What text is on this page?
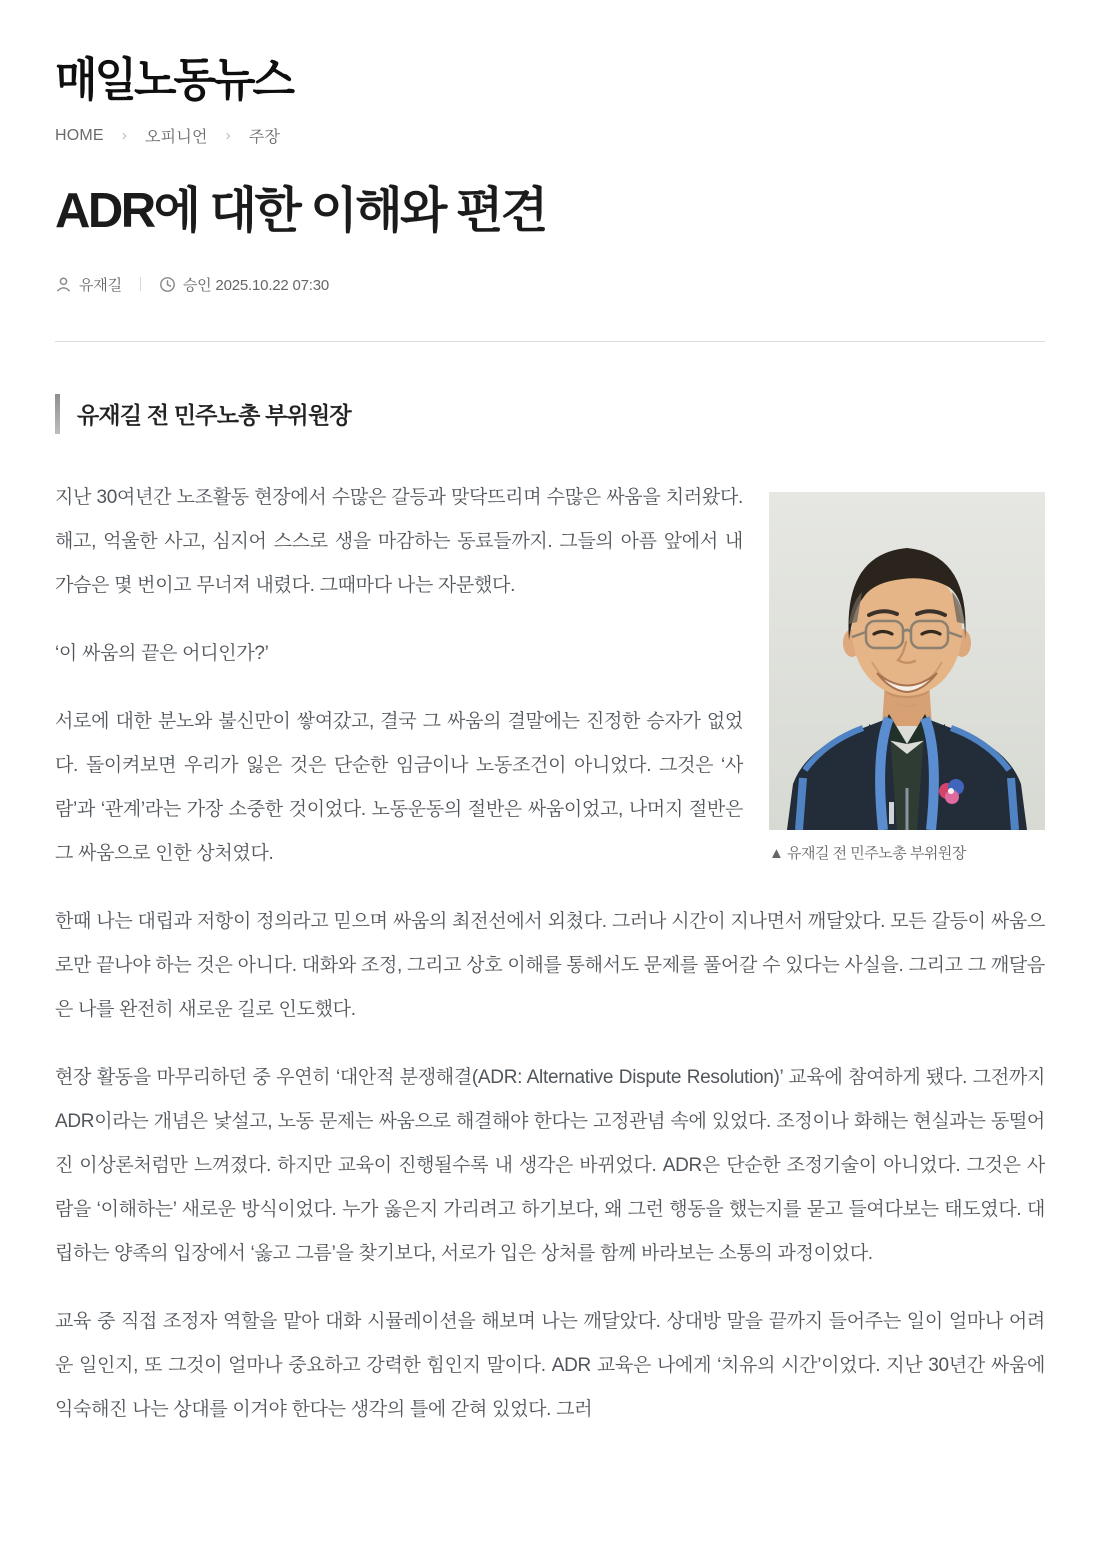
매일노동뉴스
HOME › 오피니언 › 주장
ADR에 대한 이해와 편견
유재길	승인 2025.10.22 07:30
유재길 전 민주노총 부위원장
▲ 유재길 전 민주노총 부위원장

지난 30여년간 노조활동 현장에서 수많은 갈등과 맞닥뜨리며 수많은 싸움을 치러왔다. 해고, 억울한 사고, 심지어 스스로 생을 마감하는 동료들까지. 그들의 아픔 앞에서 내 가슴은 몇 번이고 무너져 내렸다. 그때마다 나는 자문했다.

‘이 싸움의 끝은 어디인가?’

서로에 대한 분노와 불신만이 쌓여갔고, 결국 그 싸움의 결말에는 진정한 승자가 없었다. 돌이켜보면 우리가 잃은 것은 단순한 임금이나 노동조건이 아니었다. 그것은 ‘사람’과 ‘관계’라는 가장 소중한 것이었다. 노동운동의 절반은 싸움이었고, 나머지 절반은 그 싸움으로 인한 상처였다.

한때 나는 대립과 저항이 정의라고 믿으며 싸움의 최전선에서 외쳤다. 그러나 시간이 지나면서 깨달았다. 모든 갈등이 싸움으로만 끝나야 하는 것은 아니다. 대화와 조정, 그리고 상호 이해를 통해서도 문제를 풀어갈 수 있다는 사실을. 그리고 그 깨달음은 나를 완전히 새로운 길로 인도했다.

현장 활동을 마무리하던 중 우연히 ‘대안적 분쟁해결(ADR: Alternative Dispute Resolution)’ 교육에 참여하게 됐다. 그전까지 ADR이라는 개념은 낯설고, 노동 문제는 싸움으로 해결해야 한다는 고정관념 속에 있었다. 조정이나 화해는 현실과는 동떨어진 이상론처럼만 느껴졌다. 하지만 교육이 진행될수록 내 생각은 바뀌었다. ADR은 단순한 조정기술이 아니었다. 그것은 사람을 ‘이해하는’ 새로운 방식이었다. 누가 옳은지 가리려고 하기보다, 왜 그런 행동을 했는지를 묻고 들여다보는 태도였다. 대립하는 양족의 입장에서 ‘옳고 그름’을 찾기보다, 서로가 입은 상처를 함께 바라보는 소통의 과정이었다.

교육 중 직접 조정자 역할을 맡아 대화 시뮬레이션을 해보며 나는 깨달았다. 상대방 말을 끝까지 들어주는 일이 얼마나 어려운 일인지, 또 그것이 얼마나 중요하고 강력한 힘인지 말이다. ADR 교육은 나에게 ‘치유의 시간’이었다. 지난 30년간 싸움에 익숙해진 나는 상대를 이겨야 한다는 생각의 틀에 갇혀 있었다. 그러
